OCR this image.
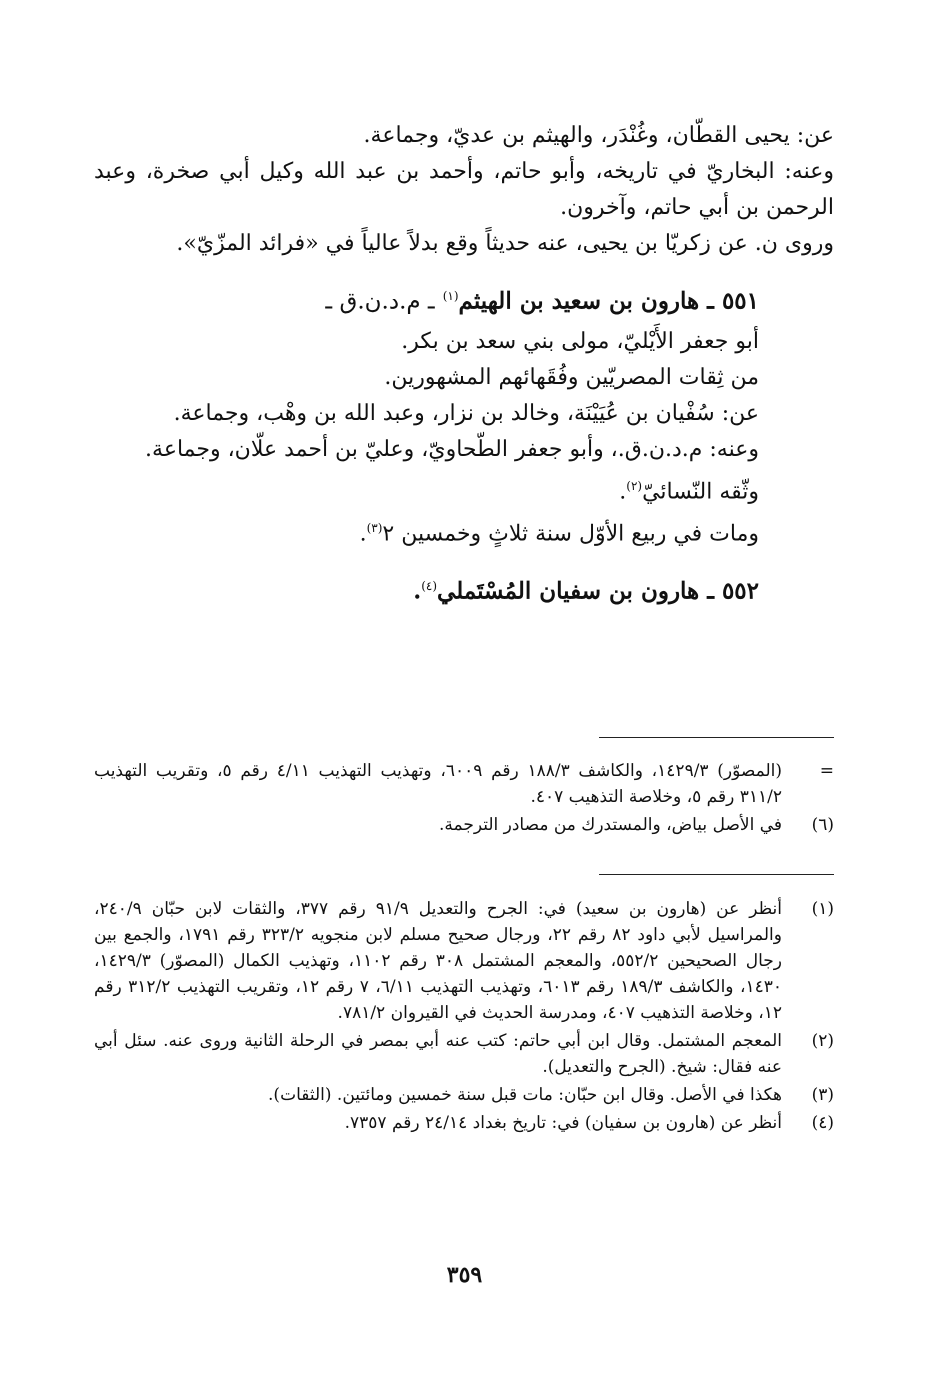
عن: يحيى القطّان، وغُنْدَر، والهيثم بن عديّ، وجماعة.

وعنه: البخاريّ في تاريخه، وأبو حاتم، وأحمد بن عبد الله وكيل أبي صخرة، وعبد الرحمن بن أبي حاتم، وآخرون.

وروى ن. عن زكريّا بن يحيى، عنه حديثاً وقع بدلاً عالياً في «فرائد المزّيّ».

٥٥١ ـ هارون بن سعيد بن الهيثم$^{(١)}$ ـ م.د.ن.ق ـ

أبو جعفر الأَيْليّ، مولى بني سعد بن بكر.

من ثِقات المصريّين وفُقَهائهم المشهورين.

عن: سُفْيان بن عُيَيْنَة، وخالد بن نزار، وعبد الله بن وهْب، وجماعة.

وعنه: م.د.ن.ق.، وأبو جعفر الطّحاويّ، وعليّ بن أحمد علّان، وجماعة.

وثّقه النّسائيّ$^{(٢)}$.

ومات في ربيع الأوّل سنة ثلاثٍ وخمسين ٢$^{(٣)}$.

٥٥٢ ـ هارون بن سفيان المُسْتَملي$^{(٤)}$.

=
(المصوّر) ١٤٢٩/٣، والكاشف ١٨٨/٣ رقم ٦٠٠٩، وتهذيب التهذيب ٤/١١ رقم ٥، وتقريب التهذيب ٣١١/٢ رقم ٥، وخلاصة التذهيب ٤٠٧.
(٦)
في الأصل بياض، والمستدرك من مصادر الترجمة.
(١)
أنظر عن (هارون بن سعيد) في: الجرح والتعديل ٩١/٩ رقم ٣٧٧، والثقات لابن حبّان ٢٤٠/٩، والمراسيل لأبي داود ٨٢ رقم ٢٢، ورجال صحيح مسلم لابن منجويه ٣٢٣/٢ رقم ١٧٩١، والجمع بين رجال الصحيحين ٥٥٢/٢، والمعجم المشتمل ٣٠٨ رقم ١١٠٢، وتهذيب الكمال (المصوّر) ١٤٢٩/٣، ١٤٣٠، والكاشف ١٨٩/٣ رقم ٦٠١٣، وتهذيب التهذيب ٦/١١، ٧ رقم ١٢، وتقريب التهذيب ٣١٢/٢ رقم ١٢، وخلاصة التذهيب ٤٠٧، ومدرسة الحديث في القيروان ٧٨١/٢.
(٢)
المعجم المشتمل. وقال ابن أبي حاتم: كتب عنه أبي بمصر في الرحلة الثانية وروى عنه. سئل أبي عنه فقال: شيخ. (الجرح والتعديل).
(٣)
هكذا في الأصل. وقال ابن حبّان: مات قبل سنة خمسين ومائتين. (الثقات).
(٤)
أنظر عن (هارون بن سفيان) في: تاريخ بغداد ٢٤/١٤ رقم ٧٣٥٧.
٣٥٩
